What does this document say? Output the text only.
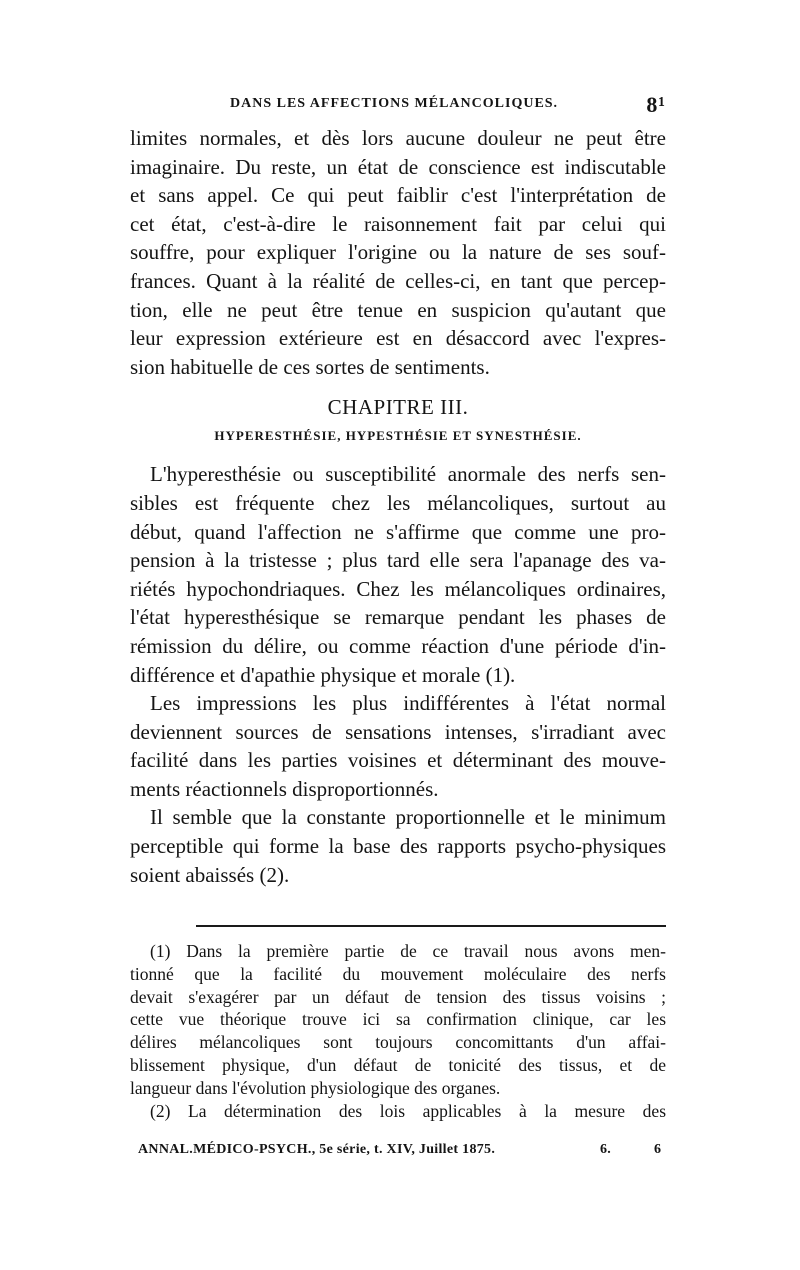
DANS LES AFFECTIONS MÉLANCOLIQUES.	8¹
limites normales, et dès lors aucune douleur ne peut être
imaginaire. Du reste, un état de conscience est indiscutable
et sans appel. Ce qui peut faiblir c'est l'interprétation de
cet état, c'est-à-dire le raisonnement fait par celui qui
souffre, pour expliquer l'origine ou la nature de ses souf-
frances. Quant à la réalité de celles-ci, en tant que percep-
tion, elle ne peut être tenue en suspicion qu'autant que
leur expression extérieure est en désaccord avec l'expres-
sion habituelle de ces sortes de sentiments.
CHAPITRE III.
HYPERESTHÉSIE, HYPESTHÉSIE ET SYNESTHÉSIE.
L'hyperesthésie ou susceptibilité anormale des nerfs sen-
sibles est fréquente chez les mélancoliques, surtout au
début, quand l'affection ne s'affirme que comme une pro-
pension à la tristesse ; plus tard elle sera l'apanage des va-
riétés hypochondriaques. Chez les mélancoliques ordinaires,
l'état hyperesthésique se remarque pendant les phases de
rémission du délire, ou comme réaction d'une période d'in-
différence et d'apathie physique et morale (1).
Les impressions les plus indifférentes à l'état normal
deviennent sources de sensations intenses, s'irradiant avec
facilité dans les parties voisines et déterminant des mouve-
ments réactionnels disproportionnés.
Il semble que la constante proportionnelle et le minimum
perceptible qui forme la base des rapports psycho-physiques
soient abaissés (2).
(1) Dans la première partie de ce travail nous avons men-
tionné que la facilité du mouvement moléculaire des nerfs
devait s'exagérer par un défaut de tension des tissus voisins ;
cette vue théorique trouve ici sa confirmation clinique, car les
délires mélancoliques sont toujours concomittants d'un affai-
blissement physique, d'un défaut de tonicité des tissus, et de
langueur dans l'évolution physiologique des organes.
(2) La détermination des lois applicables à la mesure des
ANNAL.MÉDICO-PSYCH., 5e série, t. XIV, Juillet 1875.	6.	6
